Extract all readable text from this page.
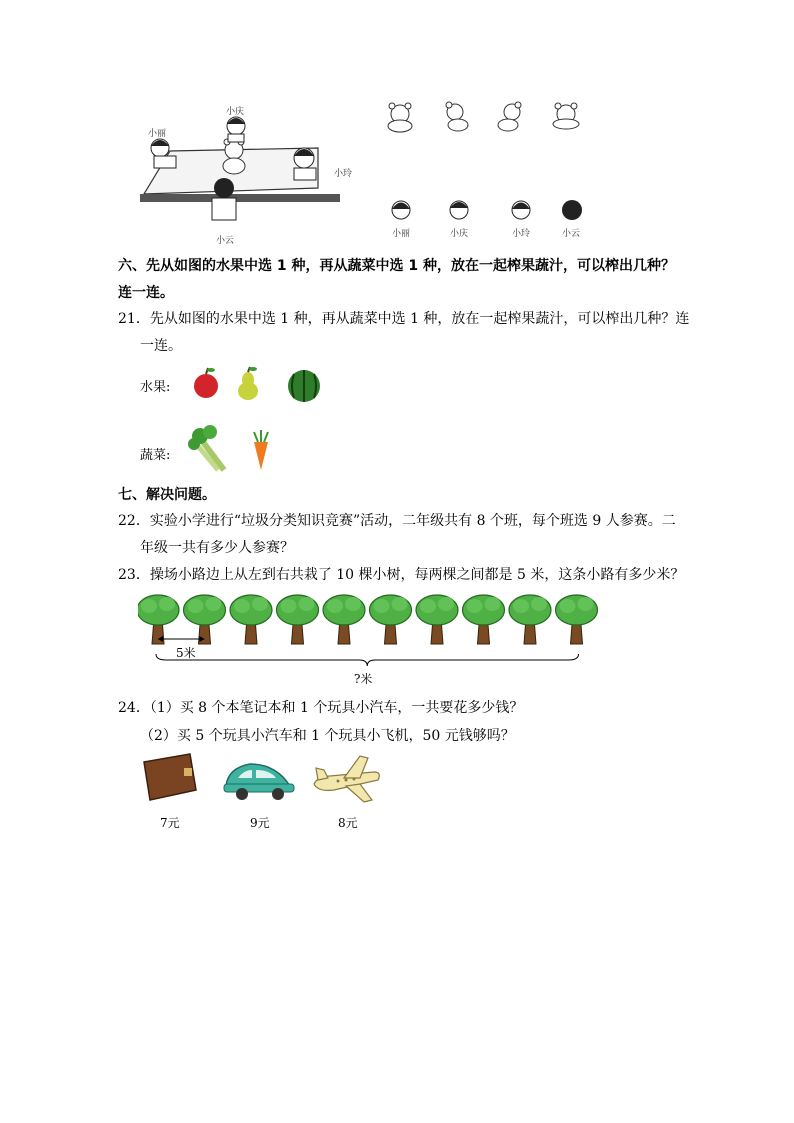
小丽
小庆
小玲
小云
小丽	小庆	小玲	小云
六、先从如图的水果中选 1 种，再从蔬菜中选 1 种，放在一起榨果蔬汁，可以榨出几种？
连一连。
21．先从如图的水果中选 1 种，再从蔬菜中选 1 种，放在一起榨果蔬汁，可以榨出几种？连
一连。
水果:
蔬菜:
七、解决问题。
22．实验小学进行“垃圾分类知识竞赛”活动，二年级共有 8 个班，每个班选 9 人参赛。二
年级一共有多少人参赛？
23．操场小路边上从左到右共栽了 10 棵小树，每两棵之间都是 5 米，这条小路有多少米？
5米
?米
24．（1）买 8 个本笔记本和 1 个玩具小汽车，一共要花多少钱？
（2）买 5 个玩具小汽车和 1 个玩具小飞机，50 元钱够吗？
7元	9元	8元
